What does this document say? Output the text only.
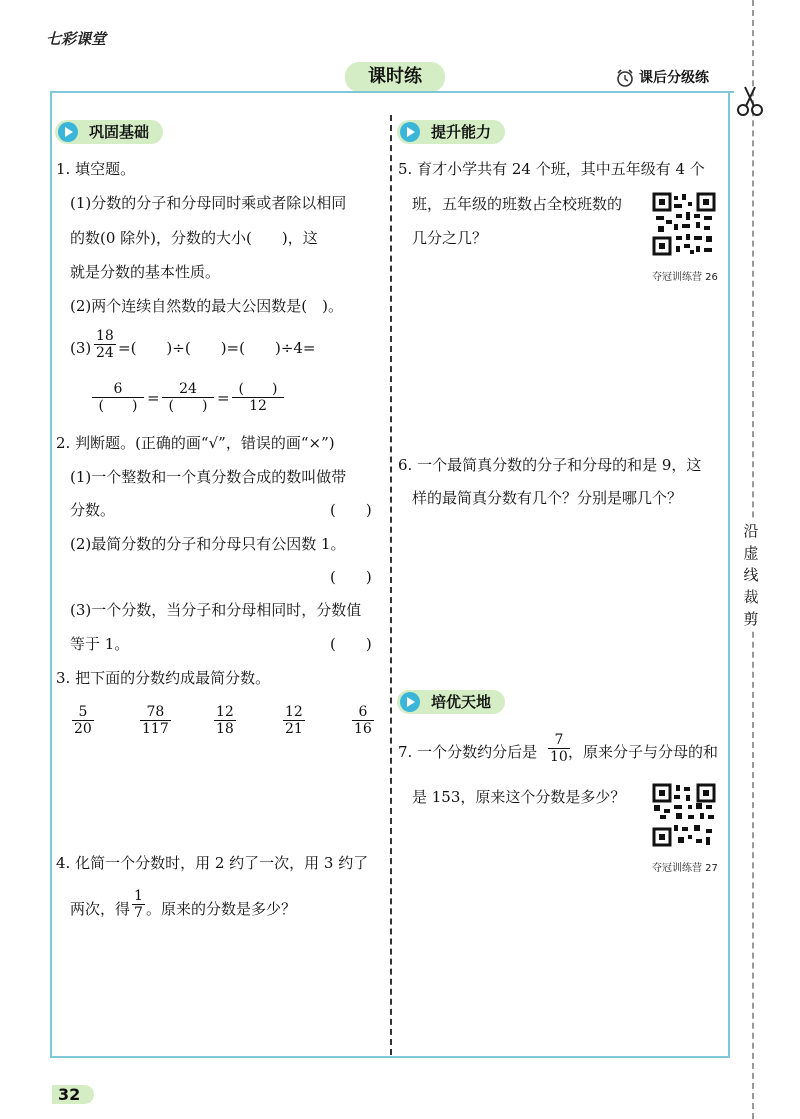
七彩课堂
课时练	课后分级练
沿
虚
线
裁
剪
巩固基础	提升能力
培优天地
1. 填空题。
(1)分数的分子和分母同时乘或者除以相同
的数(0 除外)，分数的大小(　　)，这
就是分数的基本性质。
(2)两个连续自然数的最大公因数是(　)。
$(3) \frac{18}{24}$ =(　　)÷(　　)=(　　)÷4=
6
(　　) =	24
(　　) = (　　)
12
2. 判断题。(正确的画“√”，错误的画“×”)
(1)一个整数和一个真分数合成的数叫做带
分数。	(　　)
(2)最简分数的分子和分母只有公因数 1。
(　　)
(3)一个分数，当分子和分母相同时，分数值
等于 1。	(　　)
3. 把下面的分数约成最简分数。
$\frac{5}{20}$	$\frac{78}{117}$	$\frac{12}{18}$	$\frac{12}{21}$	$\frac{6}{16}$
4. 化简一个分数时，用 2 约了一次，用 3 约了
两次，得 $\frac{1}{7}$ 。原来的分数是多少？
5. 育才小学共有 24 个班，其中五年级有 4 个
班，五年级的班数占全校班数的
几分之几？
夺冠训练营 26
6. 一个最简真分数的分子和分母的和是 9，这
样的最简真分数有几个？分别是哪几个？
7. 一个分数约分后是 $\frac{7}{10}$
，原来分子与分母的和
是 153，原来这个分数是多少？
夺冠训练营 27
32
